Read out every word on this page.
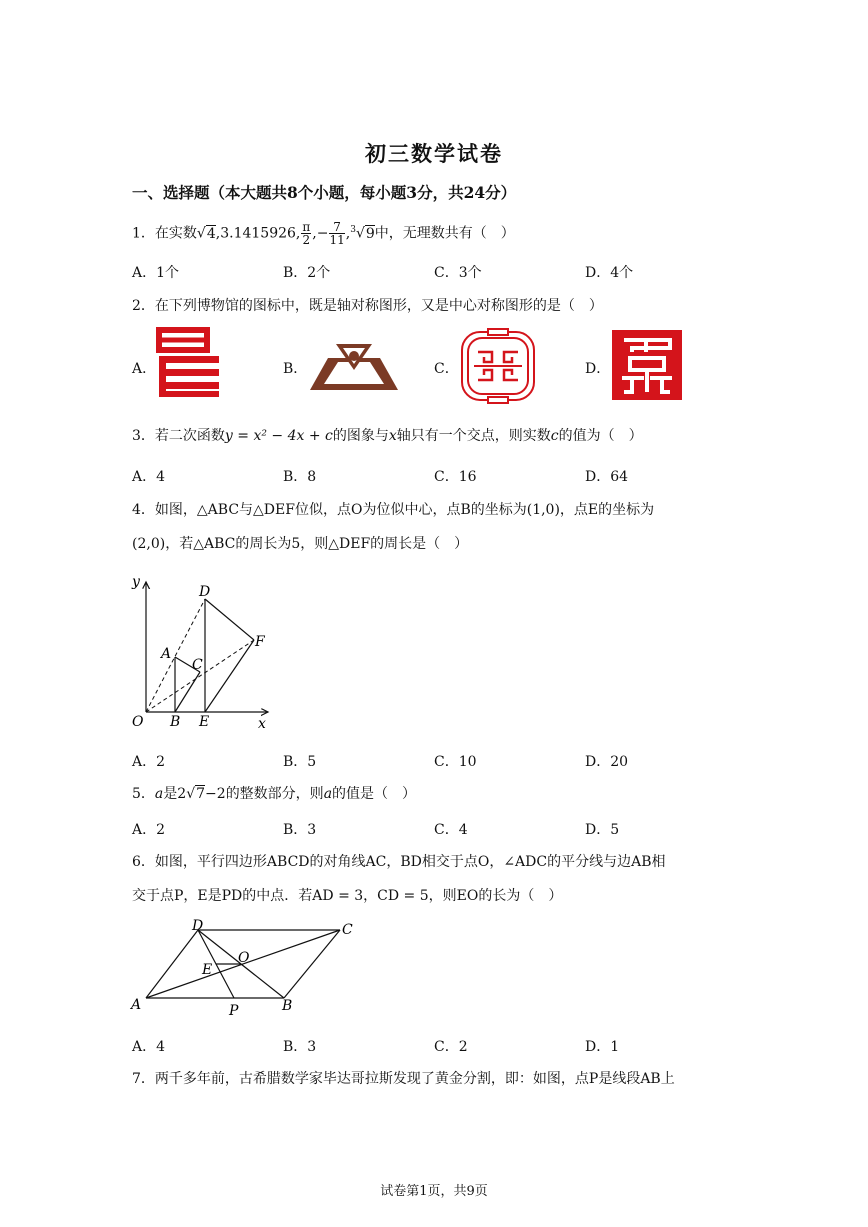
初三数学试卷
一、选择题（本大题共8个小题，每小题3分，共24分）
1．在实数√4,3.1415926, $\frac{\pi}{2}$ ,− $\frac{7}{11} ,^3√9$中，无理数共有（　）
A．1个	B．2个	C．3个	D．4个
2．在下列博物馆的图标中，既是轴对称图形，又是中心对称图形的是（　）
A．	B．	C．	D．
3．若二次函数y = x² − 4x + c的图象与x轴只有一个交点，则实数c的值为（　）
A．4	B．8	C．16	D．64
4．如图，△ABC与△DEF位似，点O为位似中心，点B的坐标为(1,0)，点E的坐标为
(2,0)，若△ABC的周长为5，则△DEF的周长是（　）
y
x
O B E
A
C
D
F
A．2	B．5	C．10	D．20
5．a是2√7−2的整数部分，则a的值是（　）
A．2	B．3	C．4	D．5
6．如图，平行四边形ABCD的对角线AC，BD相交于点O，∠ADC的平分线与边AB相
交于点P，E是PD的中点．若AD = 3，CD = 5，则EO的长为（　）
D	C
O
E
A	P	B
A．4	B．3	C．2	D．1
7．两千多年前，古希腊数学家毕达哥拉斯发现了黄金分割，即：如图，点P是线段AB上
试卷第1页，共9页
